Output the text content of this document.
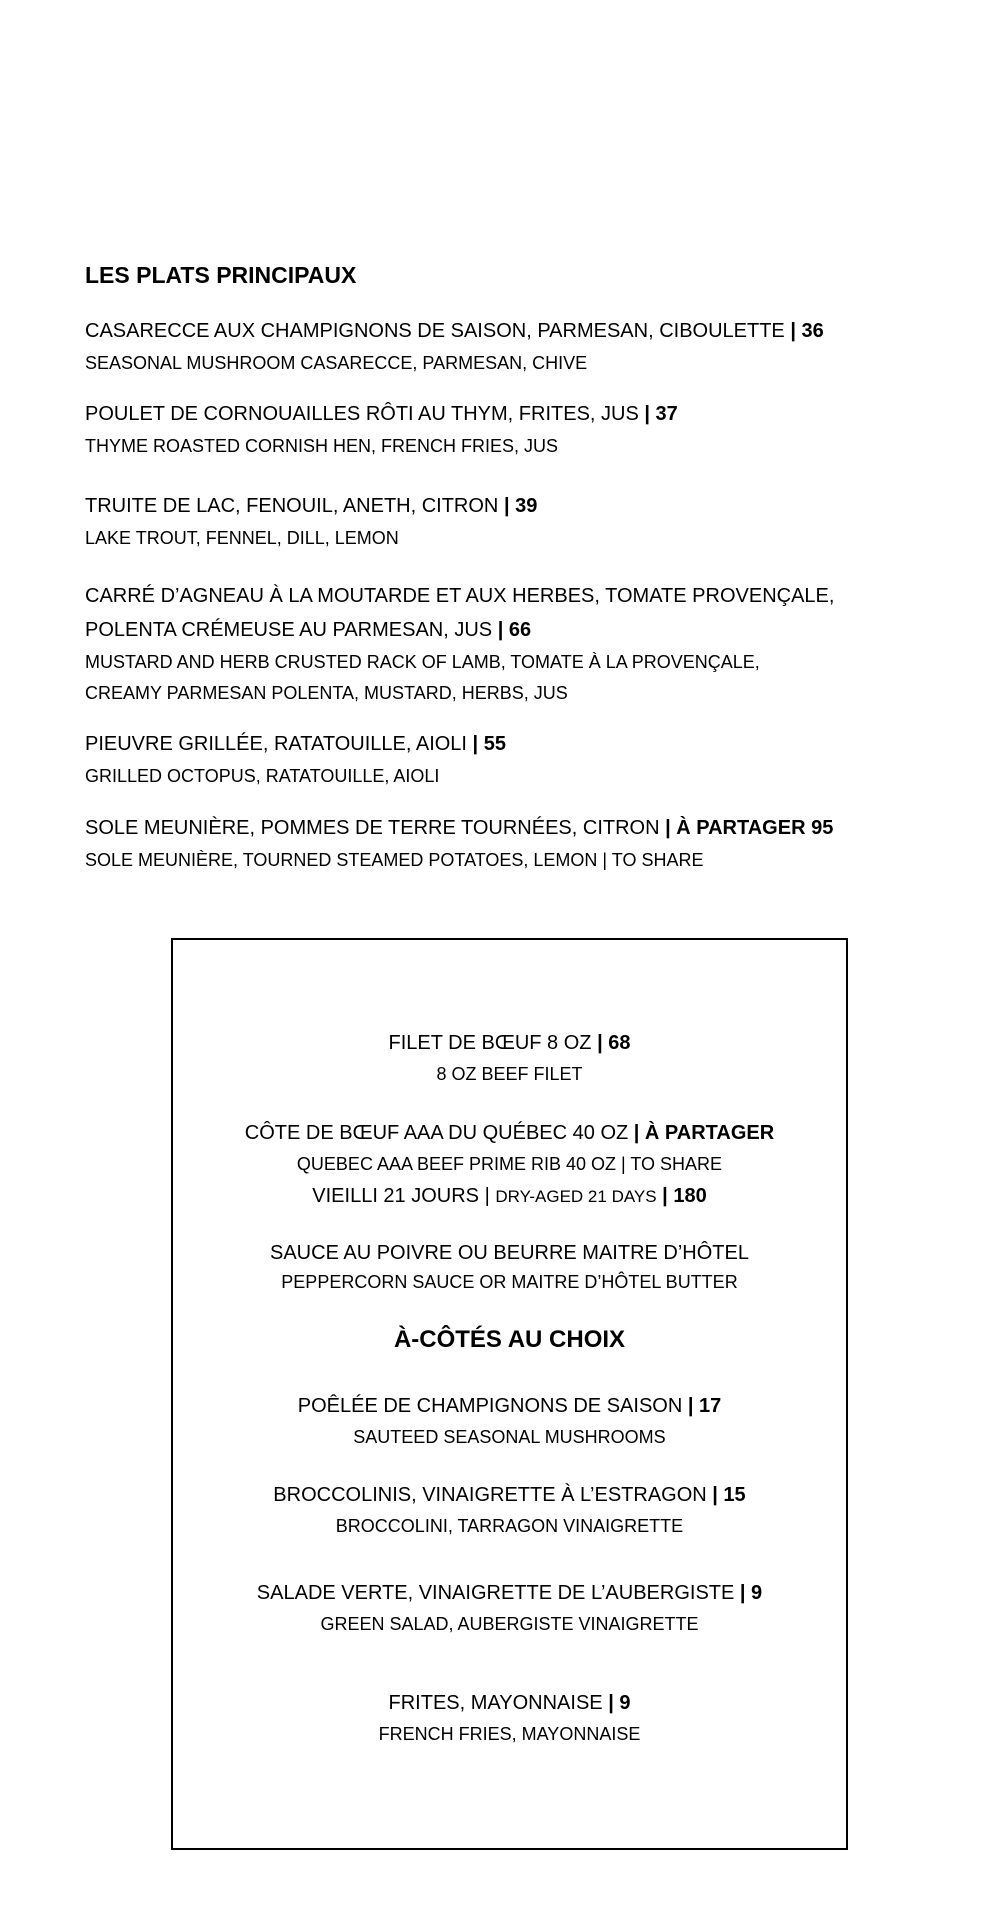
LES PLATS PRINCIPAUX
CASARECCE AUX CHAMPIGNONS DE SAISON, PARMESAN, CIBOULETTE | 36
SEASONAL MUSHROOM CASARECCE, PARMESAN, CHIVE
POULET DE CORNOUAILLES RÔTI AU THYM, FRITES, JUS | 37
THYME ROASTED CORNISH HEN, FRENCH FRIES, JUS
TRUITE DE LAC, FENOUIL, ANETH, CITRON | 39
LAKE TROUT, FENNEL, DILL, LEMON
CARRÉ D’AGNEAU À LA MOUTARDE ET AUX HERBES, TOMATE PROVENÇALE,
POLENTA CRÉMEUSE AU PARMESAN, JUS | 66
MUSTARD AND HERB CRUSTED RACK OF LAMB, TOMATE À LA PROVENÇALE,
CREAMY PARMESAN POLENTA, MUSTARD, HERBS, JUS
PIEUVRE GRILLÉE, RATATOUILLE, AIOLI | 55
GRILLED OCTOPUS, RATATOUILLE, AIOLI
SOLE MEUNIÈRE, POMMES DE TERRE TOURNÉES, CITRON | À PARTAGER 95
SOLE MEUNIÈRE, TOURNED STEAMED POTATOES, LEMON | TO SHARE
FILET DE BŒUF 8 OZ | 68
8 OZ BEEF FILET
CÔTE DE BŒUF AAA DU QUÉBEC 40 OZ | À PARTAGER
QUEBEC AAA BEEF PRIME RIB 40 OZ | TO SHARE
VIEILLI 21 JOURS | DRY-AGED 21 DAYS | 180
SAUCE AU POIVRE OU BEURRE MAITRE D’HÔTEL
PEPPERCORN SAUCE OR MAITRE D’HÔTEL BUTTER
À-CÔTÉS AU CHOIX
POÊLÉE DE CHAMPIGNONS DE SAISON | 17
SAUTEED SEASONAL MUSHROOMS
BROCCOLINIS, VINAIGRETTE À L’ESTRAGON | 15
BROCCOLINI, TARRAGON VINAIGRETTE
SALADE VERTE, VINAIGRETTE DE L’AUBERGISTE | 9
GREEN SALAD, AUBERGISTE VINAIGRETTE
FRITES, MAYONNAISE | 9
FRENCH FRIES, MAYONNAISE
